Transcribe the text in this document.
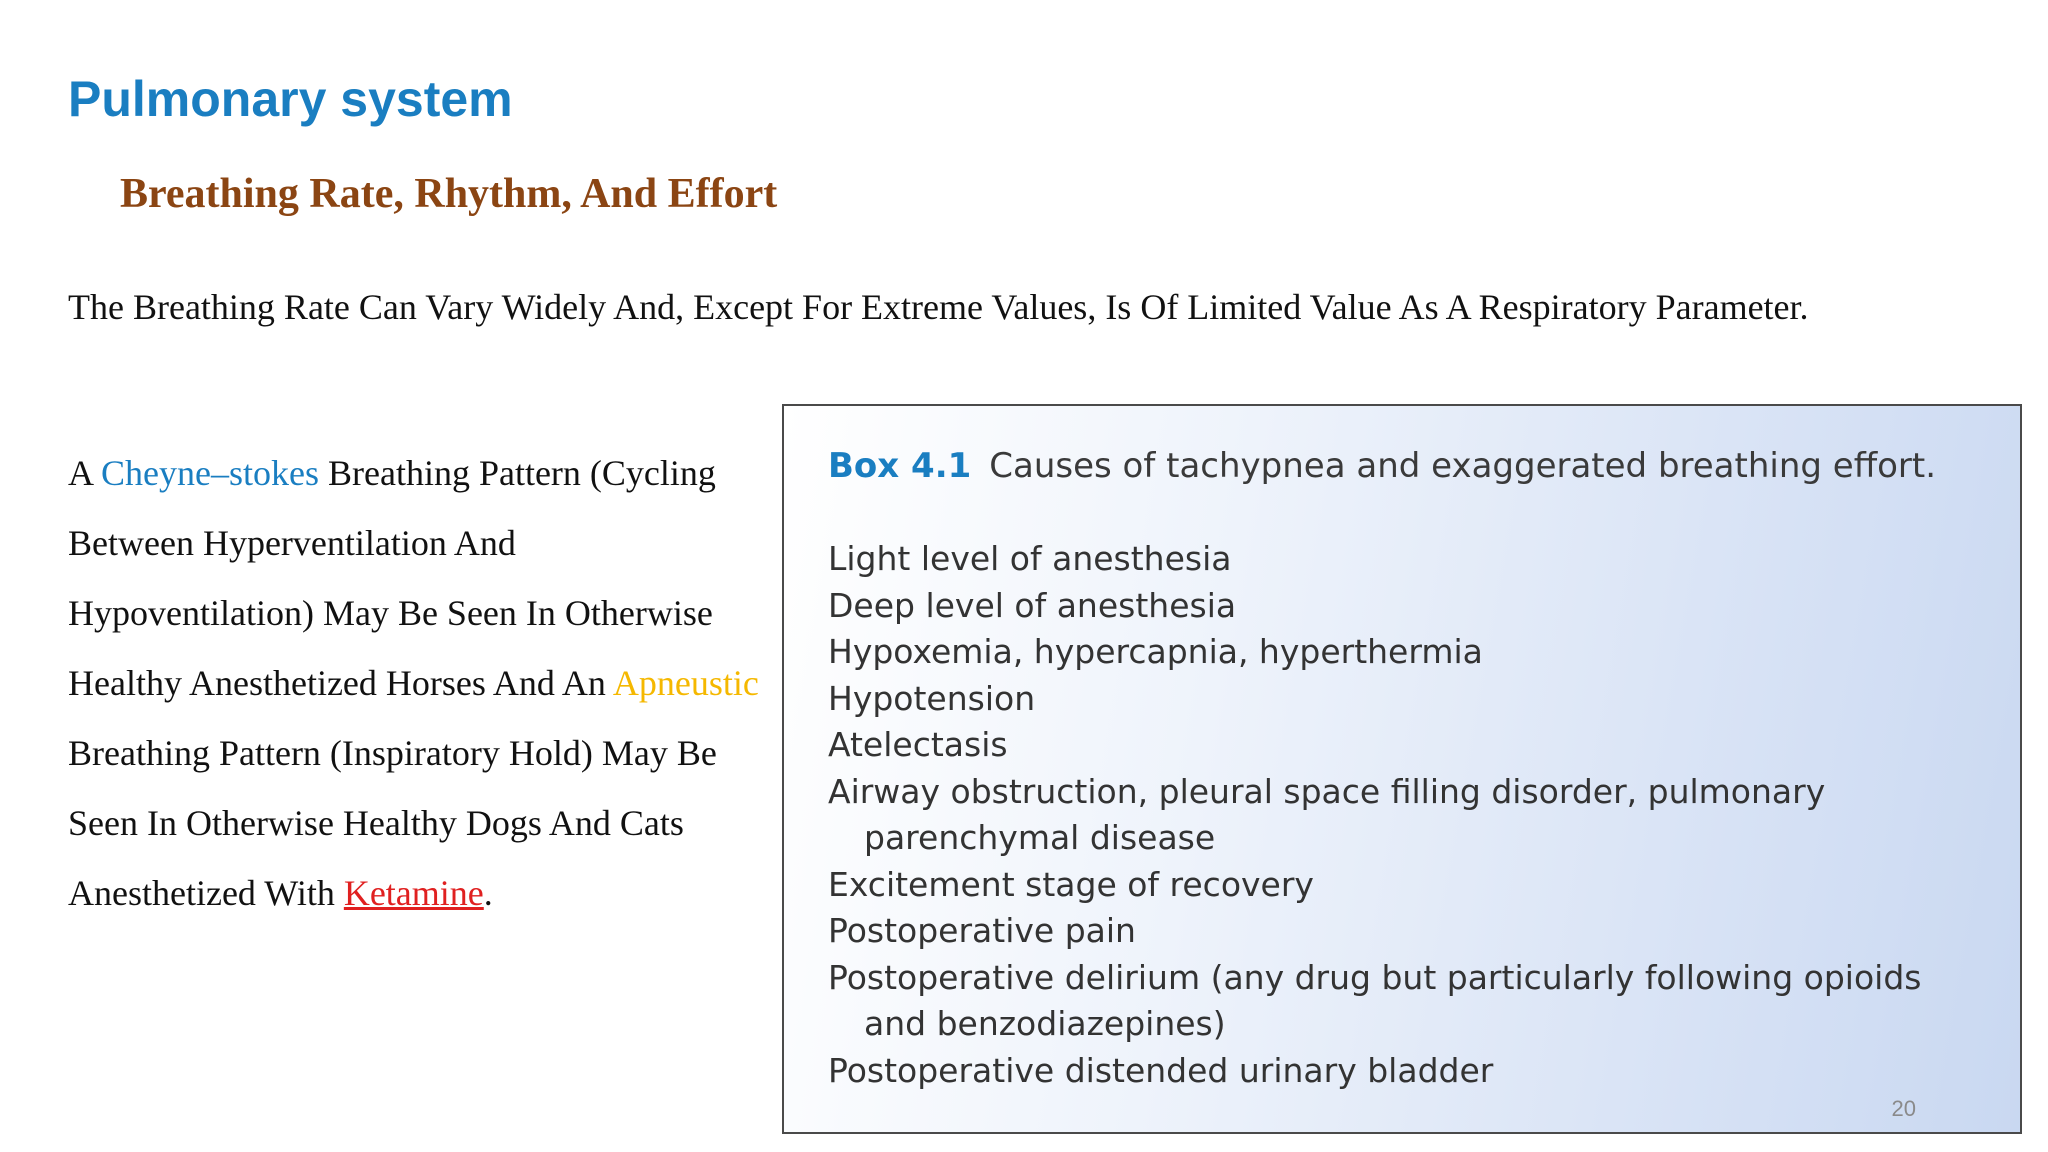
Pulmonary system
Breathing Rate, Rhythm, And Effort

The Breathing Rate Can Vary Widely And, Except For Extreme Values, Is Of Limited Value As A Respiratory Parameter.

A Cheyne–stokes Breathing Pattern (Cycling Between Hyperventilation And Hypoventilation) May Be Seen In Otherwise Healthy Anesthetized Horses And An Apneustic Breathing Pattern (Inspiratory Hold) May Be Seen In Otherwise Healthy Dogs And Cats Anesthetized With Ketamine.

Box 4.1 Causes of tachypnea and exaggerated breathing effort.
Light level of anesthesia
Deep level of anesthesia
Hypoxemia, hypercapnia, hyperthermia
Hypotension
Atelectasis
Airway obstruction, pleural space filling disorder, pulmonary parenchymal disease
Excitement stage of recovery
Postoperative pain
Postoperative delirium (any drug but particularly following opioids and benzodiazepines)
Postoperative distended urinary bladder
20
